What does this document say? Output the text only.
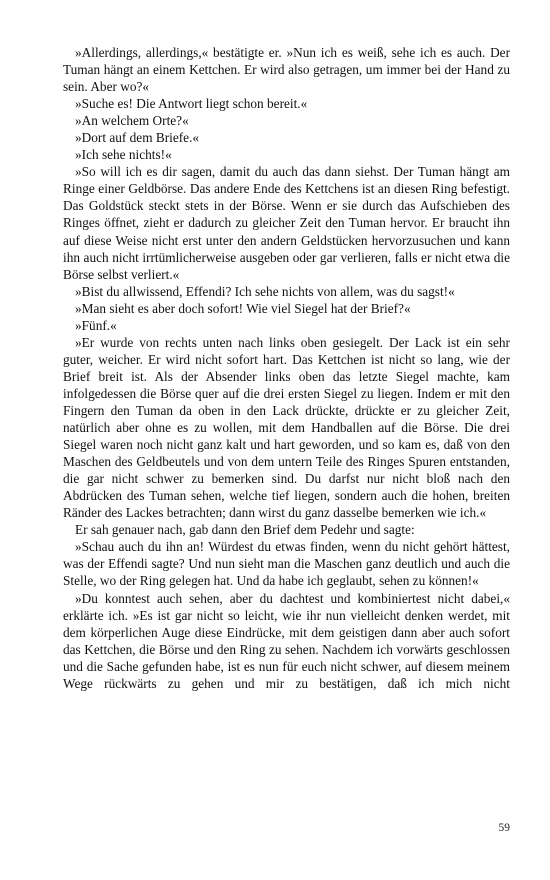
»Allerdings, allerdings,« bestätigte er. »Nun ich es weiß, sehe ich es auch. Der Tuman hängt an einem Kettchen. Er wird also getragen, um immer bei der Hand zu sein. Aber wo?«

»Suche es! Die Antwort liegt schon bereit.«

»An welchem Orte?«

»Dort auf dem Briefe.«

»Ich sehe nichts!«

»So will ich es dir sagen, damit du auch das dann siehst. Der Tuman hängt am Ringe einer Geldbörse. Das andere Ende des Kettchens ist an diesen Ring befestigt. Das Goldstück steckt stets in der Börse. Wenn er sie durch das Aufschieben des Ringes öffnet, zieht er dadurch zu gleicher Zeit den Tuman hervor. Er braucht ihn auf diese Weise nicht erst unter den andern Geldstücken hervorzusuchen und kann ihn auch nicht irrtümlicherweise ausgeben oder gar verlieren, falls er nicht etwa die Börse selbst verliert.«

»Bist du allwissend, Effendi? Ich sehe nichts von allem, was du sagst!«

»Man sieht es aber doch sofort! Wie viel Siegel hat der Brief?«

»Fünf.«

»Er wurde von rechts unten nach links oben gesiegelt. Der Lack ist ein sehr guter, weicher. Er wird nicht sofort hart. Das Kettchen ist nicht so lang, wie der Brief breit ist. Als der Absender links oben das letzte Siegel machte, kam infolgedessen die Börse quer auf die drei ersten Siegel zu liegen. Indem er mit den Fingern den Tuman da oben in den Lack drückte, drückte er zu gleicher Zeit, natürlich aber ohne es zu wollen, mit dem Handballen auf die Börse. Die drei Siegel waren noch nicht ganz kalt und hart geworden, und so kam es, daß von den Maschen des Geldbeutels und von dem untern Teile des Ringes Spuren entstanden, die gar nicht schwer zu bemerken sind. Du darfst nur nicht bloß nach den Abdrücken des Tuman sehen, welche tief liegen, sondern auch die hohen, breiten Ränder des Lackes betrachten; dann wirst du ganz dasselbe bemerken wie ich.«

Er sah genauer nach, gab dann den Brief dem Pedehr und sagte:

»Schau auch du ihn an! Würdest du etwas finden, wenn du nicht gehört hättest, was der Effendi sagte? Und nun sieht man die Maschen ganz deutlich und auch die Stelle, wo der Ring gelegen hat. Und da habe ich geglaubt, sehen zu können!«

»Du konntest auch sehen, aber du dachtest und kombiniertest nicht dabei,« erklärte ich. »Es ist gar nicht so leicht, wie ihr nun vielleicht denken werdet, mit dem körperlichen Auge diese Eindrücke, mit dem geistigen dann aber auch sofort das Kettchen, die Börse und den Ring zu sehen. Nachdem ich vorwärts geschlossen und die Sache gefunden habe, ist es nun für euch nicht schwer, auf diesem meinem Wege rückwärts zu gehen und mir zu bestätigen, daß ich mich nicht

59
